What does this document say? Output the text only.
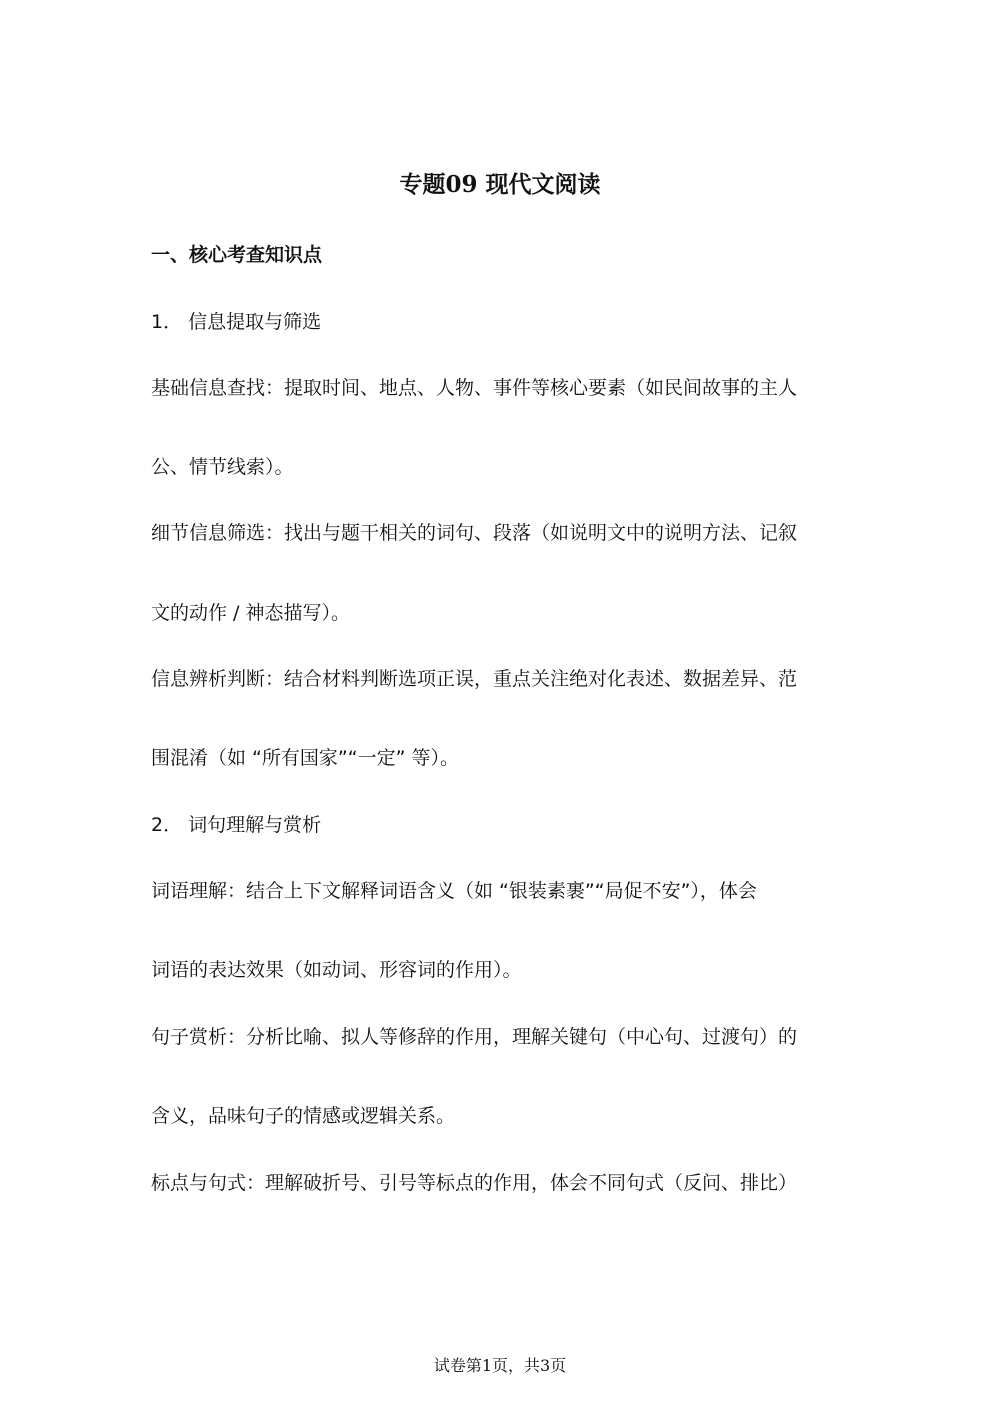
专题09 现代文阅读

一、核心考查知识点

1． 信息提取与筛选

基础信息查找：提取时间、地点、人物、事件等核心要素（如民间故事的主人

公、情节线索）。

细节信息筛选：找出与题干相关的词句、段落（如说明文中的说明方法、记叙

文的动作 / 神态描写）。

信息辨析判断：结合材料判断选项正误，重点关注绝对化表述、数据差异、范

围混淆（如 “所有国家”“一定” 等）。

2． 词句理解与赏析

词语理解：结合上下文解释词语含义（如 “银装素裹”“局促不安”），体会

词语的表达效果（如动词、形容词的作用）。

句子赏析：分析比喻、拟人等修辞的作用，理解关键句（中心句、过渡句）的

含义，品味句子的情感或逻辑关系。

标点与句式：理解破折号、引号等标点的作用，体会不同句式（反问、排比）

试卷第1页，共3页
